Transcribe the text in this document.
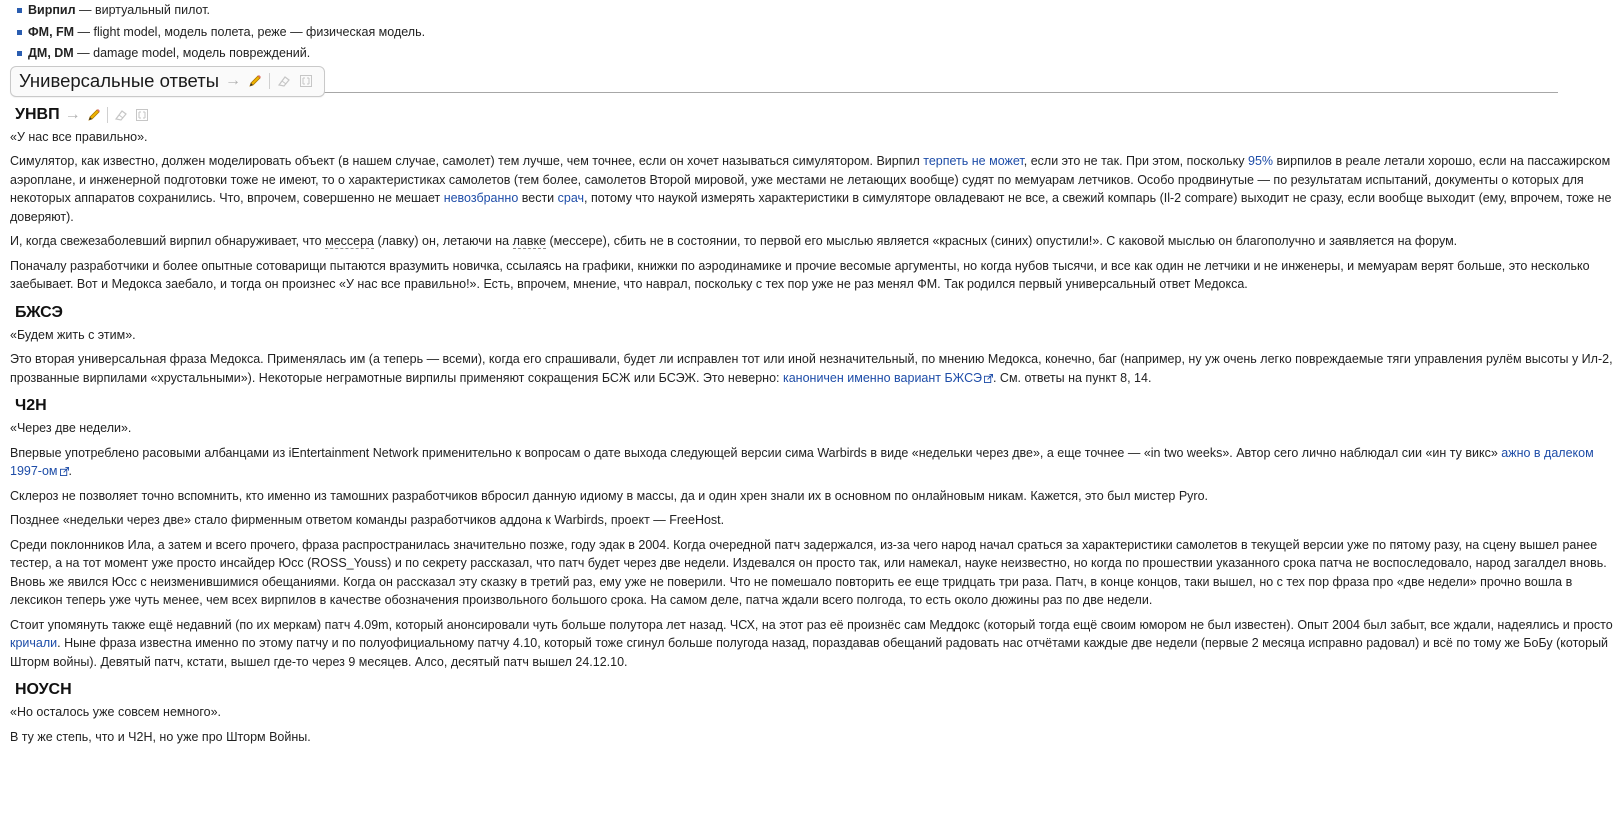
Вирпил — виртуальный пилот.
ФМ, FM — flight model, модель полета, реже — физическая модель.
ДМ, DM — damage model, модель повреждений.
Универсальные ответы →
УНВП →

«У нас все правильно».

Симулятор, как известно, должен моделировать объект (в нашем случае, самолет) тем лучше, чем точнее, если он хочет называться симулятором. Вирпил терпеть не может, если это не так. При этом, поскольку 95% вирпилов в реале летали хорошо, если на пассажирском аэроплане, и инженерной подготовки тоже не имеют, то о характеристиках самолетов (тем более, самолетов Второй мировой, уже местами не летающих вообще) судят по мемуарам летчиков. Особо продвинутые — по результатам испытаний, документы о которых для некоторых аппаратов сохранились. Что, впрочем, совершенно не мешает невозбранно вести срач, потому что наукой измерять характеристики в симуляторе овладевают не все, а свежий компарь (Il-2 compare) выходит не сразу, если вообще выходит (ему, впрочем, тоже не доверяют).

И, когда свежезаболевший вирпил обнаруживает, что мессера (лавку) он, летаючи на лавке (мессере), сбить не в состоянии, то первой его мыслью является «красных (синих) опустили!». С каковой мыслью он благополучно и заявляется на форум.

Поначалу разработчики и более опытные сотоварищи пытаются вразумить новичка, ссылаясь на графики, книжки по аэродинамике и прочие весомые аргументы, но когда нубов тысячи, и все как один не летчики и не инженеры, и мемуарам верят больше, это несколько заебывает. Вот и Медокса заебало, и тогда он произнес «У нас все правильно!». Есть, впрочем, мнение, что наврал, поскольку с тех пор уже не раз менял ФМ. Так родился первый универсальный ответ Медокса.

БЖСЭ

«Будем жить с этим».

Это вторая универсальная фраза Медокса. Применялась им (а теперь — всеми), когда его спрашивали, будет ли исправлен тот или иной незначительный, по мнению Медокса, конечно, баг (например, ну уж очень легко повреждаемые тяги управления рулём высоты у Ил-2, прозванные вирпилами «хрустальными»). Некоторые неграмотные вирпилы применяют сокращения БСЖ или БСЭЖ. Это неверно: каноничен именно вариант БЖСЭ . См. ответы на пункт 8, 14.

Ч2Н

«Через две недели».

Впервые употреблено расовыми албанцами из iEntertainment Network применительно к вопросам о дате выхода следующей версии сима Warbirds в виде «недельки через две», а еще точнее — «in two weeks». Автор сего лично наблюдал сии «ин ту викс» ажно в далеком 1997-ом .

Склероз не позволяет точно вспомнить, кто именно из тамошних разработчиков вбросил данную идиому в массы, да и один хрен знали их в основном по онлайновым никам. Кажется, это был мистер Pyro.

Позднее «недельки через две» стало фирменным ответом команды разработчиков аддона к Warbirds, проект — FreeHost.

Среди поклонников Ила, а затем и всего прочего, фраза распространилась значительно позже, году эдак в 2004. Когда очередной патч задержался, из-за чего народ начал сраться за характеристики самолетов в текущей версии уже по пятому разу, на сцену вышел ранее тестер, а на тот момент уже просто инсайдер Юсс (ROSS_Youss) и по секрету рассказал, что патч будет через две недели. Издевался он просто так, или намекал, науке неизвестно, но когда по прошествии указанного срока патча не воспоследовало, народ загалдел вновь. Вновь же явился Юсс с неизменившимися обещаниями. Когда он рассказал эту сказку в третий раз, ему уже не поверили. Что не помешало повторить ее еще тридцать три раза. Патч, в конце концов, таки вышел, но с тех пор фраза про «две недели» прочно вошла в лексикон теперь уже чуть менее, чем всех вирпилов в качестве обозначения произвольного большого срока. На самом деле, патча ждали всего полгода, то есть около дюжины раз по две недели.

Стоит упомянуть также ещё недавний (по их меркам) патч 4.09m, который анонсировали чуть больше полутора лет назад. ЧСХ, на этот раз её произнёс сам Меддокс (который тогда ещё своим юмором не был известен). Опыт 2004 был забыт, все ждали, надеялись и просто кричали. Ныне фраза известна именно по этому патчу и по полуофициальному патчу 4.10, который тоже сгинул больше полугода назад, пораздавав обещаний радовать нас отчётами каждые две недели (первые 2 месяца исправно радовал) и всё по тому же БоБу (который Шторм войны). Девятый патч, кстати, вышел где-то через 9 месяцев. Алсо, десятый патч вышел 24.12.10.

НОУСН

«Но осталось уже совсем немного».

В ту же степь, что и Ч2Н, но уже про Шторм Войны.
